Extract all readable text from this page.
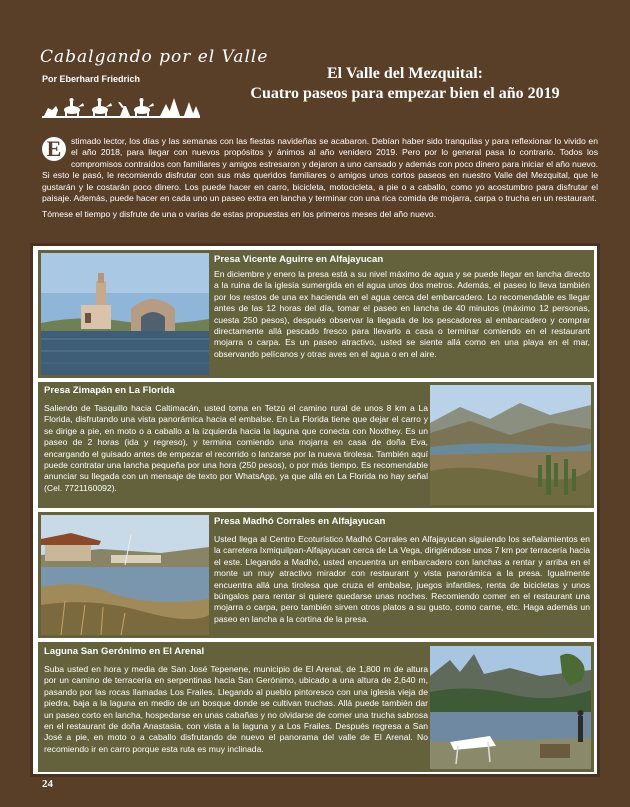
Cabalgando por el Valle
Por Eberhard Friedrich	El Valle del Mezquital:
Cuatro paseos para empezar bien el año 2019

E	stimado lector, los días y las semanas con las fiestas navideñas se acabaron. Debían haber sido tranquilas y para reflexionar lo vivido en el año 2018, para llegar con nuevos propósitos y ánimos al año venidero 2019. Pero por lo general pasa lo contrario. Todos los compromisos contraídos con familiares y amigos estresaron y dejaron a uno cansado y además con poco dinero para iniciar el año nuevo. Si esto le pasó, le recomiendo disfrutar con sus más queridos familiares o amigos unos cortos paseos en nuestro Valle del Mezquital, que le gustarán y le costarán poco dinero. Los puede hacer en carro, bicicleta, motocicleta, a pie o a caballo, como yo acostumbro para disfrutar el paisaje. Además, puede hacer en cada uno un paseo extra en lancha y terminar con una rica comida de mojarra, carpa o trucha en un restaurant.

Tómese el tiempo y disfrute de una o varias de estas propuestas en los primeros meses del año nuevo.

Presa Vicente Aguirre en Alfajayucan
En diciembre y enero la presa está a su nivel máximo de agua y se puede llegar en lancha directo a la ruina de la iglesia sumergida en el agua unos dos metros. Además, el paseo lo lleva también por los restos de una ex hacienda en el agua cerca del embarcadero. Lo recomendable es llegar antes de las 12 horas del día, tomar el paseo en lancha de 40 minutos (máximo 12 personas, cuesta 250 pesos), después observar la llegada de los pescadores al embarcadero y comprar directamente allá pescado fresco para llevarlo a casa o terminar comiendo en el restaurant mojarra o carpa. Es un paseo atractivo, usted se siente allá como en una playa en el mar, observando pelícanos y otras aves en el agua o en el aire.
Presa Zimapán en La Florida
Saliendo de Tasquillo hacia Caltimacán, usted toma en Tetzú el camino rural de unos 8 km a La Florida, disfrutando una vista panorámica hacia el embalse. En La Florida tiene que dejar el carro y se dirige a pie, en moto o a caballo a la izquierda hacia la laguna que conecta con Noxthey. Es un paseo de 2 horas (ida y regreso), y termina comiendo una mojarra en casa de doña Eva, encargando el guisado antes de empezar el recorrido o lanzarse por la nueva tirolesa. También aquí puede contratar una lancha pequeña por una hora (250 pesos), o por más tiempo. Es recomendable anunciar su llegada con un mensaje de texto por WhatsApp, ya que allá en La Florida no hay señal (Cel. 7721160092).
Presa Madhó Corrales en Alfajayucan
Usted llega al Centro Ecoturístico Madhó Corrales en Alfajayucan siguiendo los señalamientos en la carretera Ixmiquilpan-Alfajayucan cerca de La Vega, dirigiéndose unos 7 km por terracería hacia el este. Llegando a Madhó, usted encuentra un embarcadero con lanchas a rentar y arriba en el monte un muy atractivo mirador con restaurant y vista panorámica a la presa. Igualmente encuentra allá una tirolesa que cruza el embalse, juegos infantiles, renta de bicicletas y unos búngalos para rentar si quiere quedarse unas noches. Recomiendo comer en el restaurant una mojarra o carpa, pero también sirven otros platos a su gusto, como carne, etc. Haga además un paseo en lancha a la cortina de la presa.
Laguna San Gerónimo en El Arenal
Suba usted en hora y media de San José Tepenene, municipio de El Arenal, de 1,800 m de altura por un camino de terracería en serpentinas hacia San Gerónimo, ubicado a una altura de 2,640 m, pasando por las rocas llamadas Los Frailes. Llegando al pueblo pintoresco con una iglesia vieja de piedra, baja a la laguna en medio de un bosque donde se cultivan truchas. Allá puede también dar un paseo corto en lancha, hospedarse en unas cabañas y no olvidarse de comer una trucha sabrosa en el restaurant de doña Anastasia, con vista a la laguna y a Los Frailes. Después regresa a San José a pie, en moto o a caballo disfrutando de nuevo el panorama del valle de El Arenal. No recomiendo ir en carro porque esta ruta es muy inclinada.
24
